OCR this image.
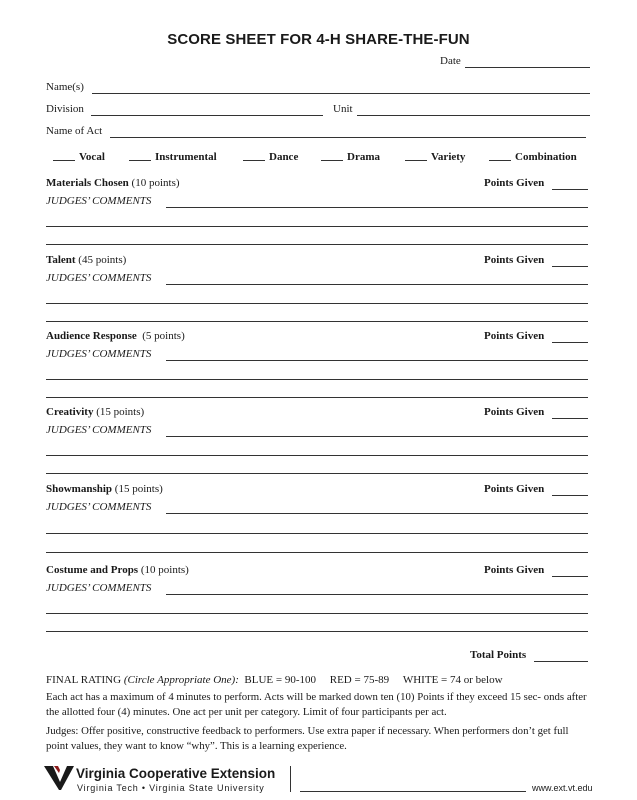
SCORE SHEET FOR 4-H SHARE-THE-FUN
Date
Name(s)
Division	Unit
Name of Act
Vocal	Instrumental	Dance	Drama	Variety	Combination
Materials Chosen (10 points)	Points Given
JUDGES’ COMMENTS
Talent (45 points)	Points Given
JUDGES’ COMMENTS
Audience Response (5 points)	Points Given
JUDGES’ COMMENTS
Creativity (15 points)	Points Given
JUDGES’ COMMENTS
Showmanship (15 points)	Points Given
JUDGES’ COMMENTS
Costume and Props (10 points)	Points Given
JUDGES’ COMMENTS
Total Points
FINAL RATING (Circle Appropriate One): BLUE = 90-100 RED = 75-89 WHITE = 74 or below
Each act has a maximum of 4 minutes to perform. Acts will be marked down ten (10) Points if they exceed 15 sec- onds after the allotted four (4) minutes. One act per unit per category. Limit of four participants per act.
Judges: Offer positive, constructive feedback to performers. Use extra paper if necessary. When performers don’t get full point values, they want to know “why”. This is a learning experience.
Virginia Cooperative Extension
Virginia Tech • Virginia State University	www.ext.vt.edu
